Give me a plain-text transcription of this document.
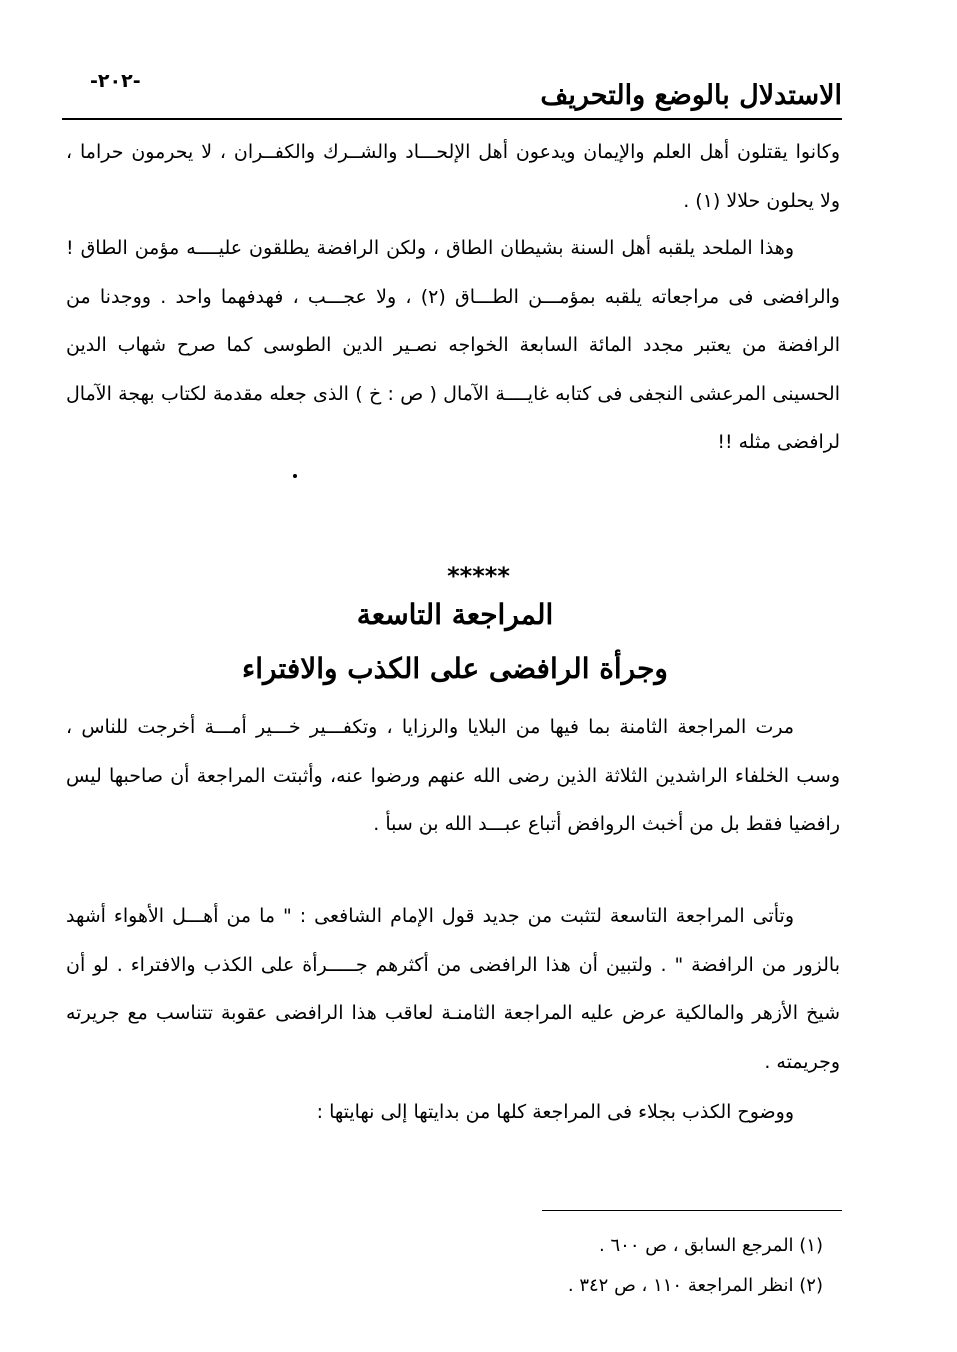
الاستدلال بالوضع والتحريف
-٢٠٢-

وكانوا يقتلون أهل العلم والإيمان ويدعون أهل الإلحـــاد والشــرك والكفــران ، لا يحرمون حراما ، ولا يحلون حلالا (١) .

وهذا الملحد يلقبه أهل السنة بشيطان الطاق ، ولكن الرافضة يطلقون عليــــه مؤمن الطاق ! والرافضى فى مراجعاته يلقبه بمؤمـــن الطـــاق (٢) ، ولا عجـــب ، فهدفهما واحد . ووجدنا من الرافضة من يعتبر مجدد المائة السابعة الخواجه نصـير الدين الطوسى كما صرح شهاب الدين الحسينى المرعشى النجفى فى كتابه غايــــة الآمال ( ص : خ ) الذى جعله مقدمة لكتاب بهجة الآمال لرافضى مثله !!

*****
المراجعة التاسعة
وجرأة الرافضى على الكذب والافتراء

مرت المراجعة الثامنة بما فيها من البلايا والرزايا ، وتكفـــير خـــير أمـــة أخرجت للناس ، وسب الخلفاء الراشدين الثلاثة الذين رضى الله عنهم ورضوا عنه، وأثبتت المراجعة أن صاحبها ليس رافضيا فقط بل من أخبث الروافض أتباع عبـــد الله بن سبأ .

وتأتى المراجعة التاسعة لتثبت من جديد قول الإمام الشافعى : " ما من أهـــل الأهواء أشهد بالزور من الرافضة " . ولتبين أن هذا الرافضى من أكثرهم جـــــرأة على الكذب والافتراء . لو أن شيخ الأزهر والمالكية عرض عليه المراجعة الثامنـة لعاقب هذا الرافضى عقوبة تتناسب مع جريرته وجريمته .

ووضوح الكذب بجلاء فى المراجعة كلها من بدايتها إلى نهايتها :

(١) المرجع السابق ، ص ٦٠٠ .
(٢) انظر المراجعة ١١٠ ، ص ٣٤٢ .
